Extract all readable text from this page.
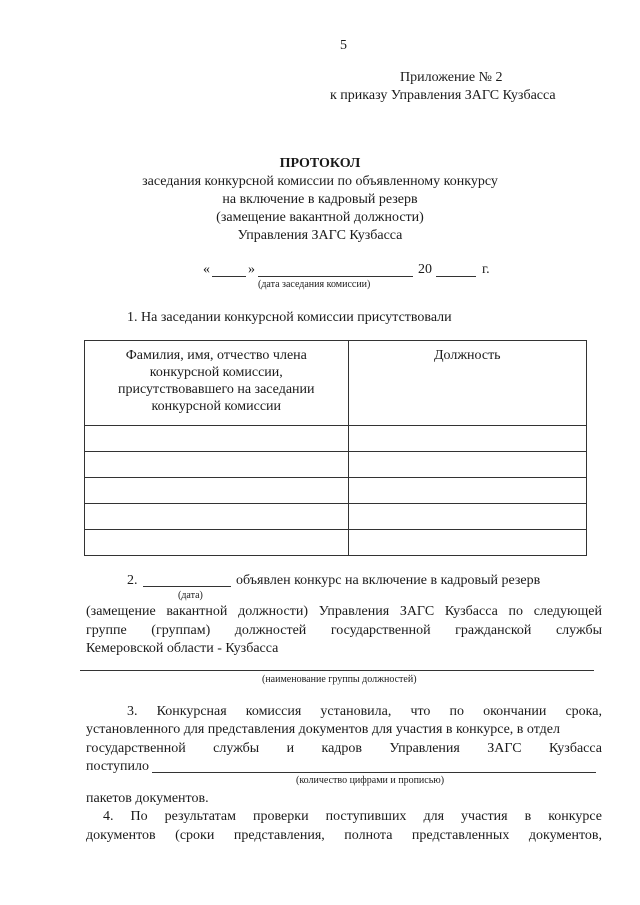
5
Приложение № 2
к приказу Управления ЗАГС Кузбасса
ПРОТОКОЛ
заседания конкурсной комиссии по объявленному конкурсу
на включение в кадровый резерв
(замещение вакантной должности)
Управления ЗАГС Кузбасса
«	»	20	г.
(дата заседания комиссии)
1. На заседании конкурсной комиссии присутствовали
Фамилия, имя, отчество члена конкурсной комиссии, присутствовавшего на заседании конкурсной комиссии	Должность

2.	объявлен конкурс на включение в кадровый резерв
(дата)
(замещение вакантной должности) Управления ЗАГС Кузбасса по следующей
группе (группам) должностей государственной гражданской службы
Кемеровской области - Кузбасса
(наименование группы должностей)
3. Конкурсная комиссия установила, что по окончании срока,
установленного для представления документов для участия в конкурсе, в отдел
государственной службы и кадров Управления ЗАГС Кузбасса
поступило
(количество цифрами и прописью)
пакетов документов.
4. По результатам проверки поступивших для участия в конкурсе
документов (сроки представления, полнота представленных документов,
